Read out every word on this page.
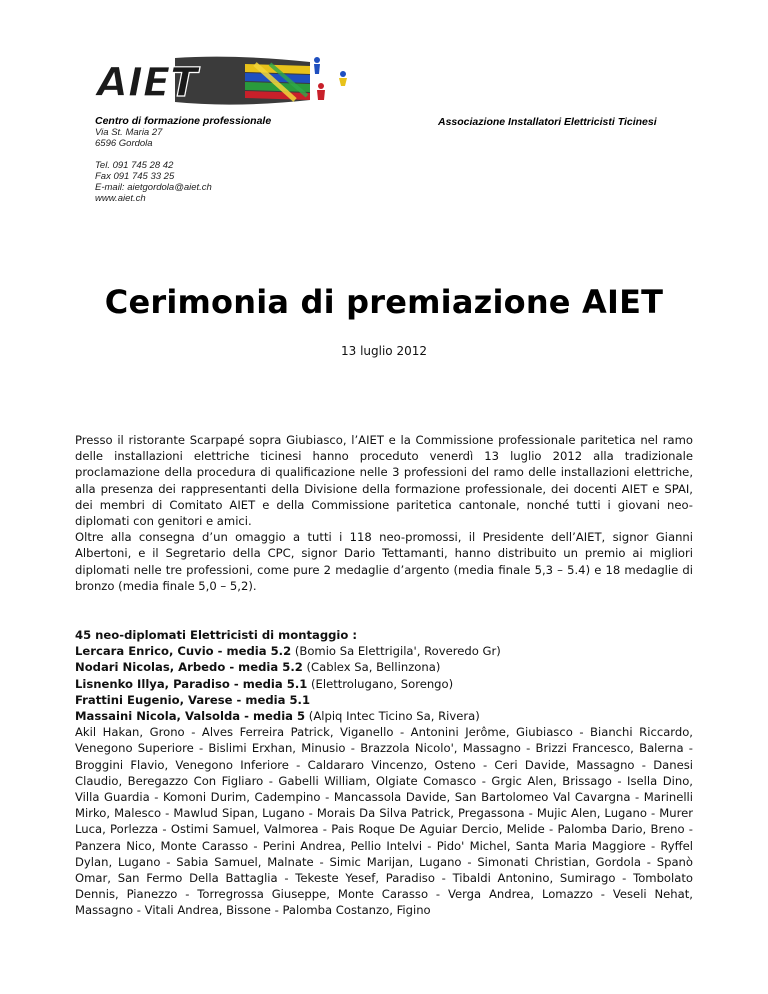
AIET
Centro di formazione professionale
Via St. Maria 27
6596 Gordola
Tel. 091 745 28 42
Fax 091 745 33 25
E-mail: aietgordola@aiet.ch
www.aiet.ch
Associazione Installatori Elettricisti Ticinesi
Cerimonia di premiazione AIET
13 luglio 2012

Presso il ristorante Scarpapé sopra Giubiasco, l’AIET e la Commissione professionale paritetica nel ramo delle installazioni elettriche ticinesi hanno proceduto venerdì 13 luglio 2012 alla tradizionale proclamazione della procedura di qualificazione nelle 3 professioni del ramo delle installazioni elettriche, alla presenza dei rappresentanti della Divisione della formazione professionale, dei docenti AIET e SPAI, dei membri di Comitato AIET e della Commissione paritetica cantonale, nonché tutti i giovani neo-diplomati con genitori e amici.

Oltre alla consegna d’un omaggio a tutti i 118 neo-promossi, il Presidente dell’AIET, signor Gianni Albertoni, e il Segretario della CPC, signor Dario Tettamanti, hanno distribuito un premio ai migliori diplomati nelle tre professioni, come pure 2 medaglie d’argento (media finale 5,3 – 5.4) e 18 medaglie di bronzo (media finale 5,0 – 5,2).

45 neo-diplomati Elettricisti di montaggio :
Lercara Enrico, Cuvio - media 5.2 (Bomio Sa Elettrigila', Roveredo Gr)
Nodari Nicolas, Arbedo - media 5.2 (Cablex Sa, Bellinzona)
Lisnenko Illya, Paradiso - media 5.1 (Elettrolugano, Sorengo)
Frattini Eugenio, Varese - media 5.1
Massaini Nicola, Valsolda - media 5 (Alpiq Intec Ticino Sa, Rivera)
Akil Hakan, Grono - Alves Ferreira Patrick, Viganello - Antonini Jerôme, Giubiasco - Bianchi Riccardo, Venegono Superiore - Bislimi Erxhan, Minusio - Brazzola Nicolo', Massagno - Brizzi Francesco, Balerna - Broggini Flavio, Venegono Inferiore - Caldararo Vincenzo, Osteno - Ceri Davide, Massagno - Danesi Claudio, Beregazzo Con Figliaro - Gabelli William, Olgiate Comasco - Grgic Alen, Brissago - Isella Dino, Villa Guardia - Komoni Durim, Cadempino - Mancassola Davide, San Bartolomeo Val Cavargna - Marinelli Mirko, Malesco - Mawlud Sipan, Lugano - Morais Da Silva Patrick, Pregassona - Mujic Alen, Lugano - Murer Luca, Porlezza - Ostimi Samuel, Valmorea - Pais Roque De Aguiar Dercio, Melide - Palomba Dario, Breno - Panzera Nico, Monte Carasso - Perini Andrea, Pellio Intelvi - Pido' Michel, Santa Maria Maggiore - Ryffel Dylan, Lugano - Sabia Samuel, Malnate - Simic Marijan, Lugano - Simonati Christian, Gordola - Spanò Omar, San Fermo Della Battaglia - Tekeste Yesef, Paradiso - Tibaldi Antonino, Sumirago - Tombolato Dennis, Pianezzo - Torregrossa Giuseppe, Monte Carasso - Verga Andrea, Lomazzo - Veseli Nehat, Massagno - Vitali Andrea, Bissone - Palomba Costanzo, Figino
